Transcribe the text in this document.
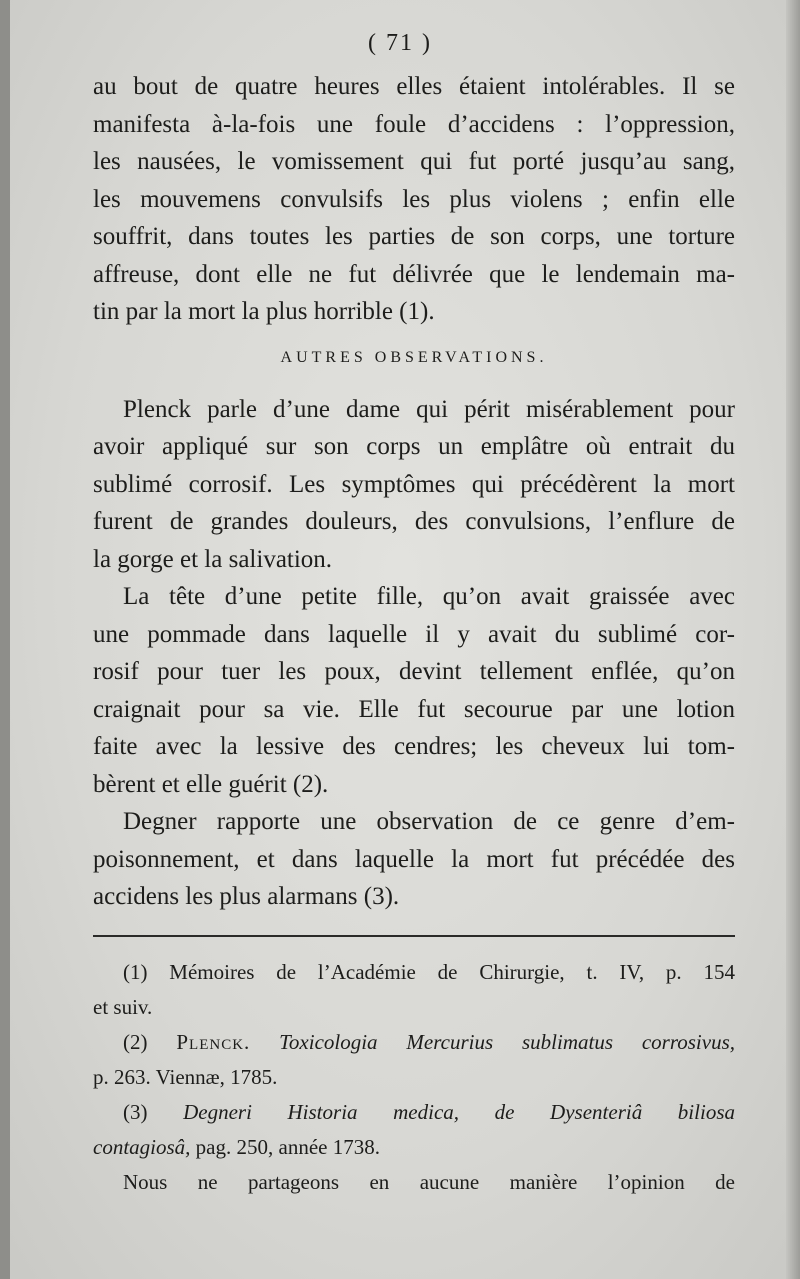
( 71 )
au bout de quatre heures elles étaient intolérables. Il se
manifesta à-la-fois une foule d’accidens : l’oppression,
les nausées, le vomissement qui fut porté jusqu’au sang,
les mouvemens convulsifs les plus violens ; enfin elle
souffrit, dans toutes les parties de son corps, une torture
affreuse, dont elle ne fut délivrée que le lendemain ma-
tin par la mort la plus horrible (1).
AUTRES OBSERVATIONS.
Plenck parle d’une dame qui périt misérablement pour
avoir appliqué sur son corps un emplâtre où entrait du
sublimé corrosif. Les symptômes qui précédèrent la mort
furent de grandes douleurs, des convulsions, l’enflure de
la gorge et la salivation.
La tête d’une petite fille, qu’on avait graissée avec
une pommade dans laquelle il y avait du sublimé cor-
rosif pour tuer les poux, devint tellement enflée, qu’on
craignait pour sa vie. Elle fut secourue par une lotion
faite avec la lessive des cendres; les cheveux lui tom-
bèrent et elle guérit (2).
Degner rapporte une observation de ce genre d’em-
poisonnement, et dans laquelle la mort fut précédée des
accidens les plus alarmans (3).
(1) Mémoires de l’Académie de Chirurgie, t. IV, p. 154
et suiv.
(2) Plenck. Toxicologia Mercurius sublimatus corrosivus,
p. 263. Viennæ, 1785.
(3) Degneri Historia medica, de Dysenteriâ biliosa
contagiosâ, pag. 250, année 1738.
Nous ne partageons en aucune manière l’opinion de
